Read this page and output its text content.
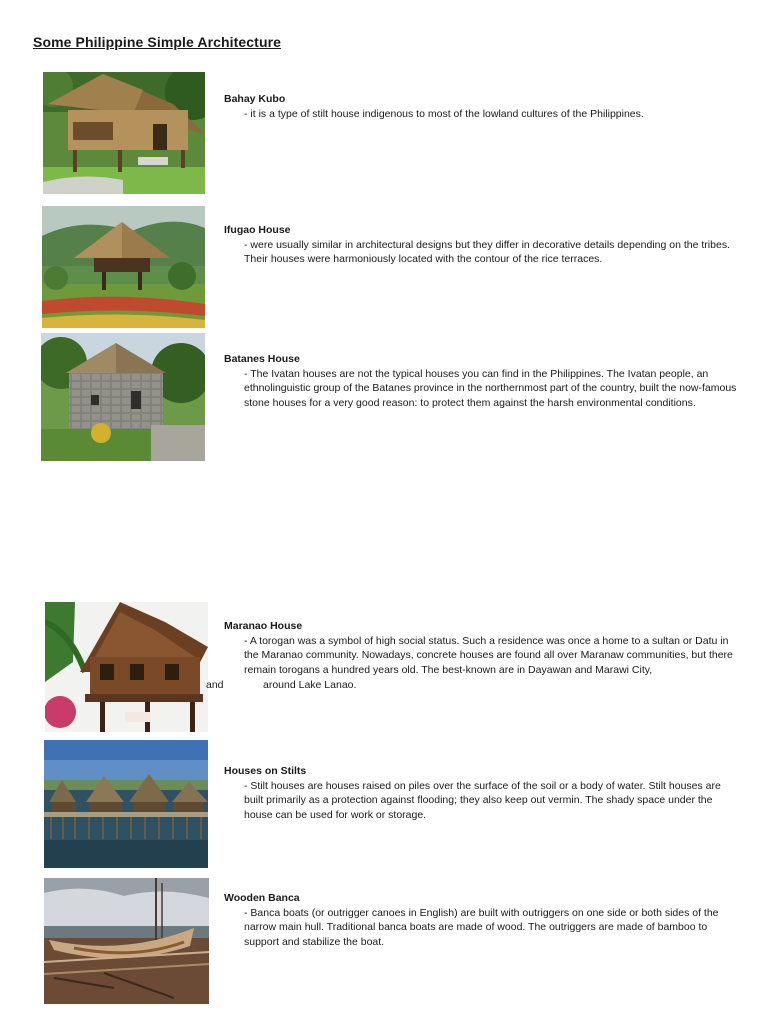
Some Philippine Simple Architecture
Bahay Kubo
- it is a type of stilt house indigenous to most of the lowland cultures of the Philippines.
Ifugao House
- were usually similar in architectural designs but they differ in decorative details depending on the tribes. Their houses were harmoniously located with the contour of the rice terraces.
Batanes House
- The Ivatan houses are not the typical houses you can find in the Philippines. The Ivatan people, an ethnolinguistic group of the Batanes province in the northernmost part of the country, built the now-famous stone houses for a very good reason: to protect them against the harsh environmental conditions.
Maranao House
- A torogan was a symbol of high social status. Such a residence was once a home to a sultan or Datu in the Maranao community. Nowadays, concrete houses are found all over Maranaw communities, but there remain torogans a hundred years old. The best-known are in Dayawan and Marawi City,
and	around Lake Lanao.
Houses on Stilts
- Stilt houses are houses raised on piles over the surface of the soil or a body of water. Stilt houses are built primarily as a protection against flooding; they also keep out vermin. The shady space under the house can be used for work or storage.
Wooden Banca
- Banca boats (or outrigger canoes in English) are built with outriggers on one side or both sides of the narrow main hull. Traditional banca boats are made of wood. The outriggers are made of bamboo to support and stabilize the boat.
